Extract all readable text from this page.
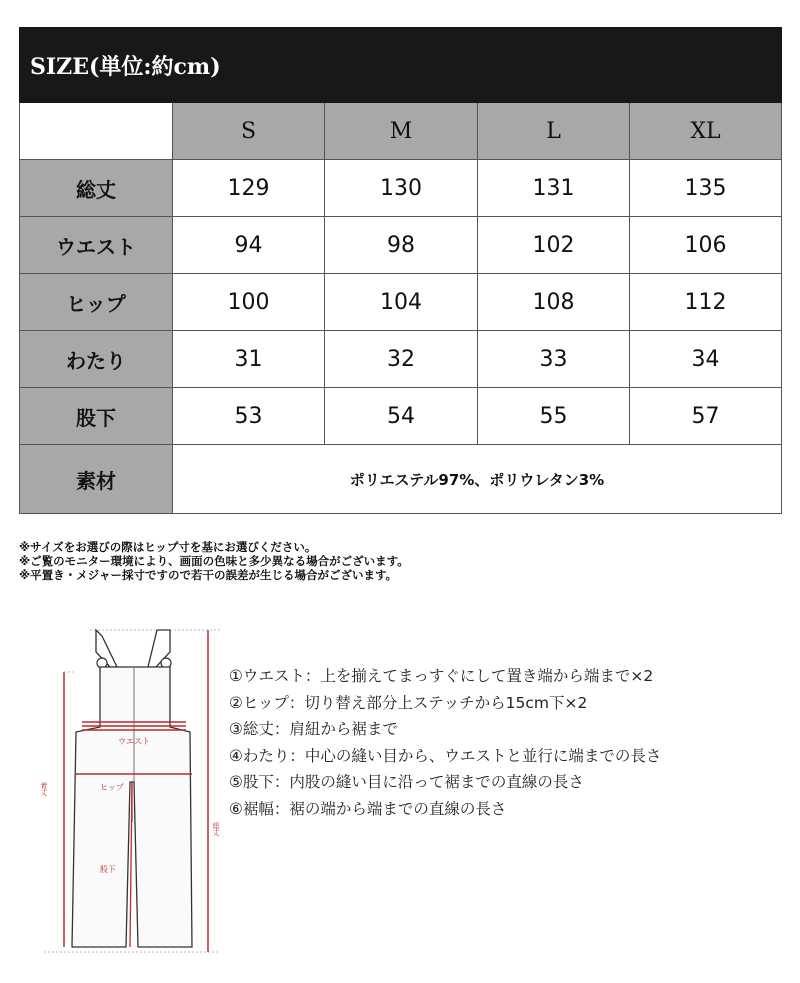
SIZE(単位:約cm)				
	S	M	L	XL
総丈	129	130	131	135
ウエスト	94	98	102	106
ヒップ	100	104	108	112
わたり	31	32	33	34
股下	53	54	55	57
素材	ポリエステル97%、ポリウレタン3%			
※サイズをお選びの際はヒップ寸を基にお選びください。
※ご覧のモニター環境により、画面の色味と多少異なる場合がございます。
※平置き・メジャー採寸ですので若干の誤差が生じる場合がございます。
ウエスト
ヒップ
股下
着丈
総丈
①ウエスト：上を揃えてまっすぐにして置き端から端まで×2
②ヒップ：切り替え部分上ステッチから15cm下×2
③総丈：肩紐から裾まで
④わたり：中心の縫い目から、ウエストと並行に端までの長さ
⑤股下：内股の縫い目に沿って裾までの直線の長さ
⑥裾幅：裾の端から端までの直線の長さ
